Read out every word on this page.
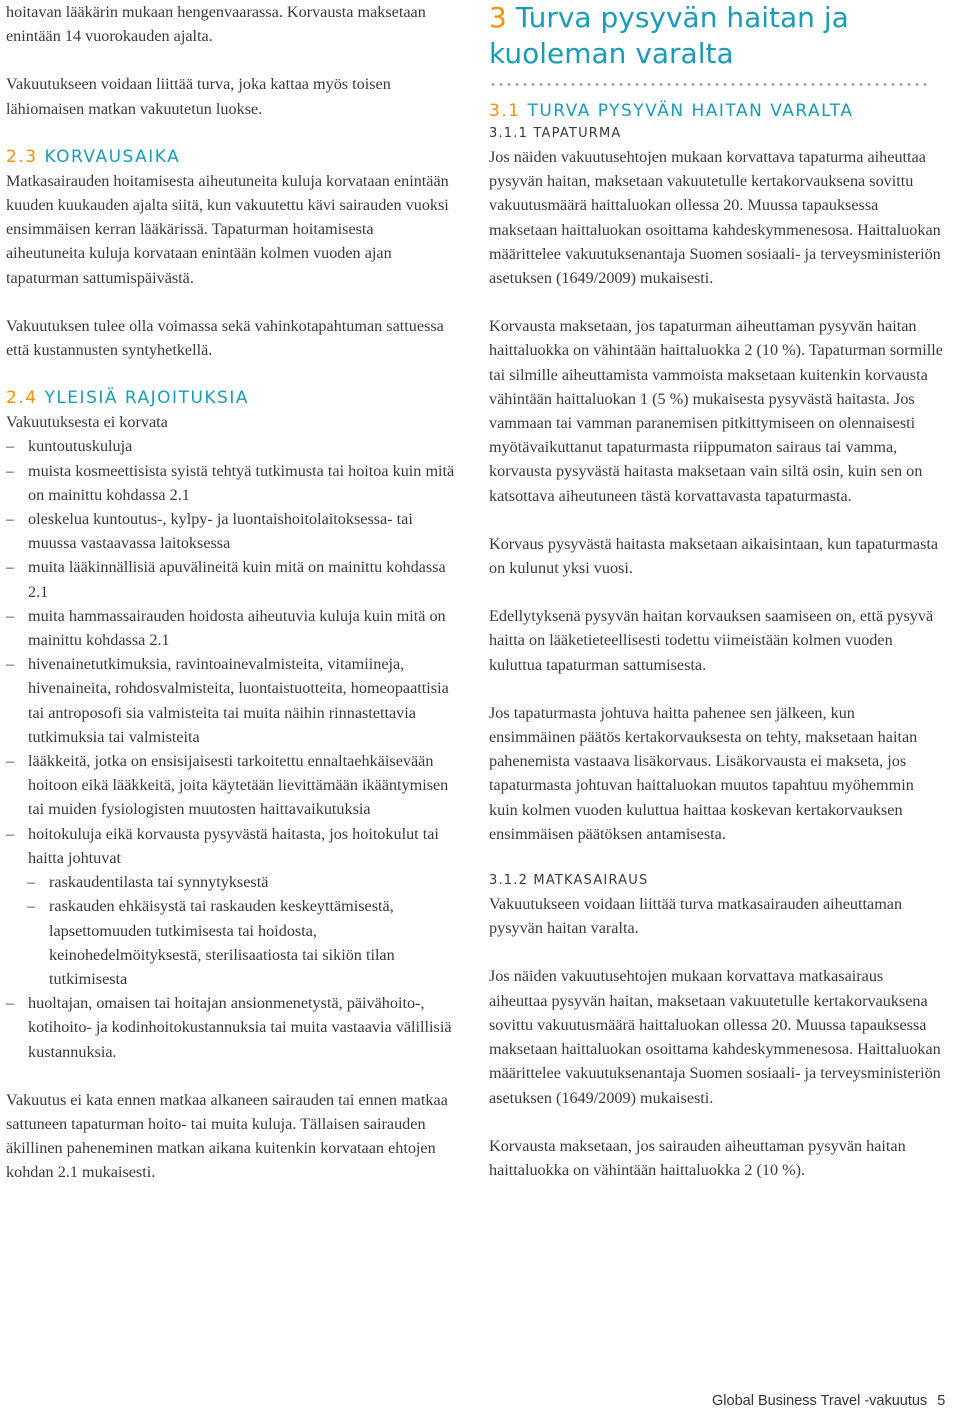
hoitavan lääkärin mukaan hengenvaarassa. Korvausta maksetaan enintään 14 vuorokauden ajalta.

Vakuutukseen voidaan liittää turva, joka kattaa myös toisen lähiomaisen matkan vakuutetun luokse.

2.3 KORVAUSAIKA

Matkasairauden hoitamisesta aiheutuneita kuluja korvataan enintään kuuden kuukauden ajalta siitä, kun vakuutettu kävi sairauden vuoksi ensimmäisen kerran lääkärissä. Tapaturman hoitamisesta aiheutuneita kuluja korvataan enintään kolmen vuoden ajan tapaturman sattumispäivästä.

Vakuutuksen tulee olla voimassa sekä vahinkotapahtuman sattuessa että kustannusten syntyhetkellä.

2.4 YLEISIÄ RAJOITUKSIA

Vakuutuksesta ei korvata

– kuntoutuskuluja
– muista kosmeettisista syistä tehtyä tutkimusta tai hoitoa kuin mitä on mainittu kohdassa 2.1
– oleskelua kuntoutus-, kylpy- ja luontaishoitolaitoksessa- tai muussa vastaavassa laitoksessa
– muita lääkinnällisiä apuvälineitä kuin mitä on mainittu kohdassa 2.1
– muita hammassairauden hoidosta aiheutuvia kuluja kuin mitä on mainittu kohdassa 2.1
– hivenainetutkimuksia, ravintoainevalmisteita, vitamiineja, hivenaineita, rohdosvalmisteita, luontaistuotteita, homeopaattisia tai antroposofi sia valmisteita tai muita näihin rinnastettavia tutkimuksia tai valmisteita
– lääkkeitä, jotka on ensisijaisesti tarkoitettu ennaltaehkäisevään hoitoon eikä lääkkeitä, joita käytetään lievittämään ikääntymisen tai muiden fysiologisten muutosten haittavaikutuksia
– hoitokuluja eikä korvausta pysyvästä haitasta, jos hoitokulut tai haitta johtuvat
– raskaudentilasta tai synnytyksestä
– raskauden ehkäisystä tai raskauden keskeyttämisestä, lapsettomuuden tutkimisesta tai hoidosta, keinohedelmöityksestä, sterilisaatiosta tai sikiön tilan tutkimisesta
– huoltajan, omaisen tai hoitajan ansionmenetystä, päivähoito-, kotihoito- ja kodinhoitokustannuksia tai muita vastaavia välillisiä kustannuksia.

Vakuutus ei kata ennen matkaa alkaneen sairauden tai ennen matkaa sattuneen tapaturman hoito- tai muita kuluja. Tällaisen sairauden äkillinen paheneminen matkan aikana kuitenkin korvataan ehtojen kohdan 2.1 mukaisesti.

3 Turva pysyvän haitan ja kuoleman varalta
3.1 TURVA PYSYVÄN HAITAN VARALTA
3.1.1 TAPATURMA

Jos näiden vakuutusehtojen mukaan korvattava tapaturma aiheuttaa pysyvän haitan, maksetaan vakuutetulle kertakorvauksena sovittu vakuutusmäärä haittaluokan ollessa 20. Muussa tapauksessa maksetaan haittaluokan osoittama kahdeskymmenesosa. Haittaluokan määrittelee vakuutuksenantaja Suomen sosiaali- ja terveysministeriön asetuksen (1649/2009) mukaisesti.

Korvausta maksetaan, jos tapaturman aiheuttaman pysyvän haitan haittaluokka on vähintään haittaluokka 2 (10 %). Tapaturman sormille tai silmille aiheuttamista vammoista maksetaan kuitenkin korvausta vähintään haittaluokan 1 (5 %) mukaisesta pysyvästä haitasta. Jos vammaan tai vamman paranemisen pitkittymiseen on olennaisesti myötävaikuttanut tapaturmasta riippumaton sairaus tai vamma, korvausta pysyvästä haitasta maksetaan vain siltä osin, kuin sen on katsottava aiheutuneen tästä korvattavasta tapaturmasta.

Korvaus pysyvästä haitasta maksetaan aikaisintaan, kun tapaturmasta on kulunut yksi vuosi.

Edellytyksenä pysyvän haitan korvauksen saamiseen on, että pysyvä haitta on lääketieteellisesti todettu viimeistään kolmen vuoden kuluttua tapaturman sattumisesta.

Jos tapaturmasta johtuva haitta pahenee sen jälkeen, kun ensimmäinen päätös kertakorvauksesta on tehty, maksetaan haitan pahenemista vastaava lisäkorvaus. Lisäkorvausta ei makseta, jos tapaturmasta johtuvan haittaluokan muutos tapahtuu myöhemmin kuin kolmen vuoden kuluttua haittaa koskevan kertakorvauksen ensimmäisen päätöksen antamisesta.

3.1.2 MATKASAIRAUS

Vakuutukseen voidaan liittää turva matkasairauden aiheuttaman pysyvän haitan varalta.

Jos näiden vakuutusehtojen mukaan korvattava matkasairaus aiheuttaa pysyvän haitan, maksetaan vakuutetulle kertakorvauksena sovittu vakuutusmäärä haittaluokan ollessa 20. Muussa tapauksessa maksetaan haittaluokan osoittama kahdeskymmenesosa. Haittaluokan määrittelee vakuutuksenantaja Suomen sosiaali- ja terveysministeriön asetuksen (1649/2009) mukaisesti.

Korvausta maksetaan, jos sairauden aiheuttaman pysyvän haitan haittaluokka on vähintään haittaluokka 2 (10 %).

Global Business Travel -vakuutus 5
